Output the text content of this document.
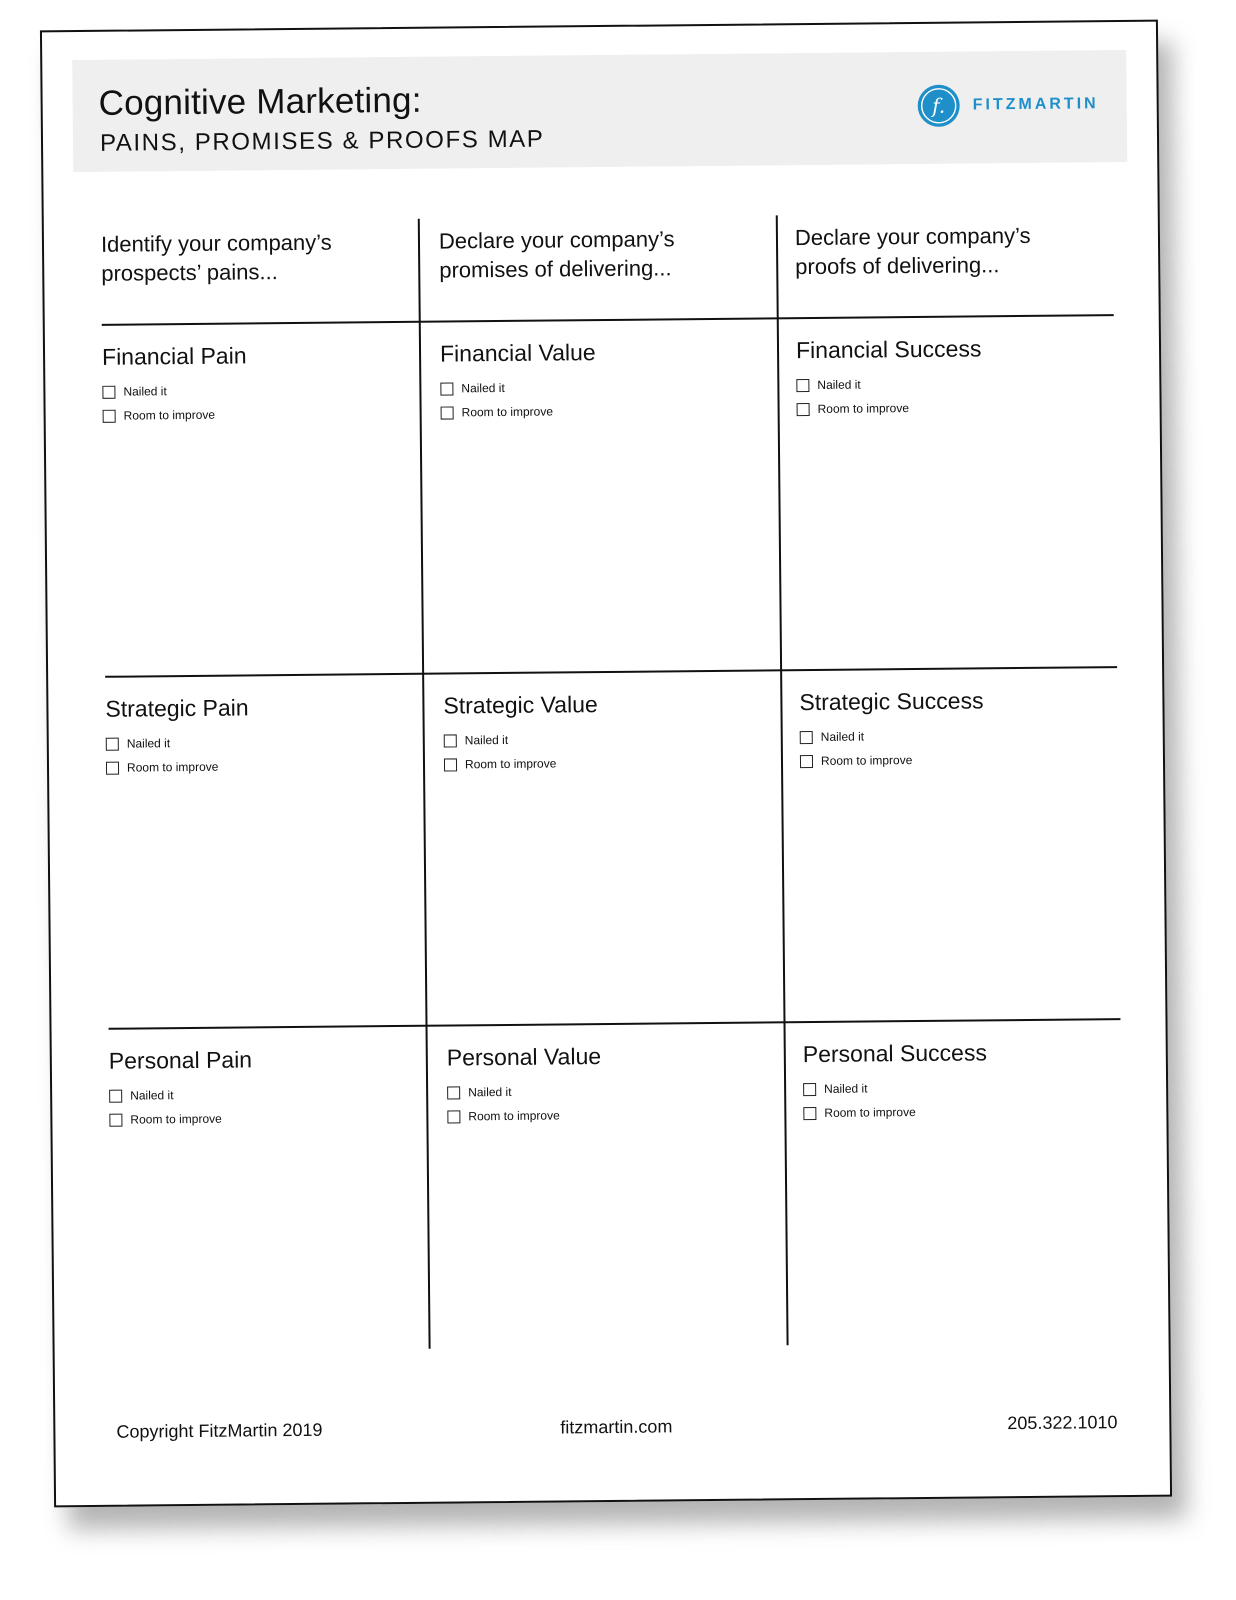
Cognitive Marketing:
PAINS, PROMISES & PROOFS MAP
f. FITZMARTIN
Identify your company’s prospects’ pains...
Declare your company’s promises of delivering...
Declare your company’s proofs of delivering...
Financial Pain
Nailed it
Room to improve
Financial Value
Nailed it
Room to improve
Financial Success
Nailed it
Room to improve
Strategic Pain
Nailed it
Room to improve
Strategic Value
Nailed it
Room to improve
Strategic Success
Nailed it
Room to improve
Personal Pain
Nailed it
Room to improve
Personal Value
Nailed it
Room to improve
Personal Success
Nailed it
Room to improve
Copyright FitzMartin 2019	fitzmartin.com	205.322.1010
